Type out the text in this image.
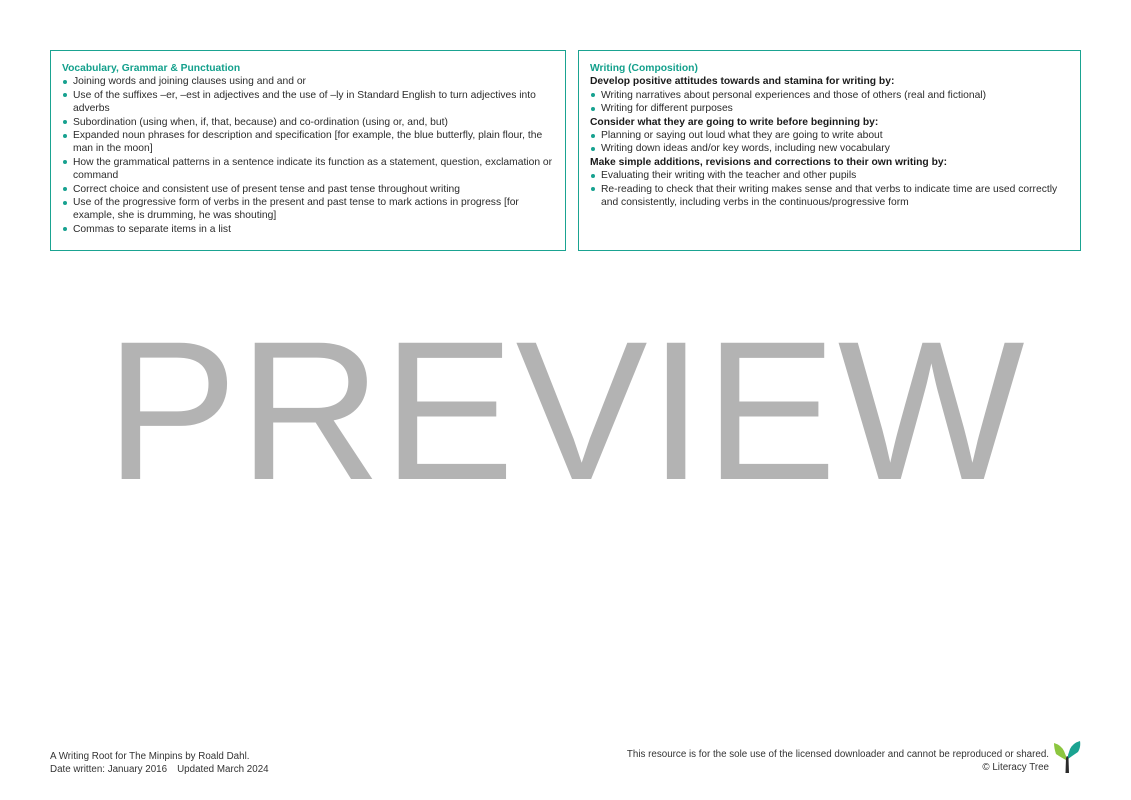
Vocabulary, Grammar & Punctuation

Joining words and joining clauses using and and or
Use of the suffixes –er, –est in adjectives and the use of –ly in Standard English to turn adjectives into adverbs
Subordination (using when, if, that, because) and co-ordination (using or, and, but)
Expanded noun phrases for description and specification [for example, the blue butterfly, plain flour, the man in the moon]
How the grammatical patterns in a sentence indicate its function as a statement, question, exclamation or command
Correct choice and consistent use of present tense and past tense throughout writing
Use of the progressive form of verbs in the present and past tense to mark actions in progress [for example, she is drumming, he was shouting]
Commas to separate items in a list

Writing (Composition)

Develop positive attitudes towards and stamina for writing by:

Writing narratives about personal experiences and those of others (real and fictional)
Writing for different purposes

Consider what they are going to write before beginning by:

Planning or saying out loud what they are going to write about
Writing down ideas and/or key words, including new vocabulary

Make simple additions, revisions and corrections to their own writing by:

Evaluating their writing with the teacher and other pupils
Re-reading to check that their writing makes sense and that verbs to indicate time are used correctly and consistently, including verbs in the continuous/progressive form
PREVIEW
A Writing Root for The Minpins by Roald Dahl.
Date written: January 2016 Updated March 2024
This resource is for the sole use of the licensed downloader and cannot be reproduced or shared.
© Literacy Tree
